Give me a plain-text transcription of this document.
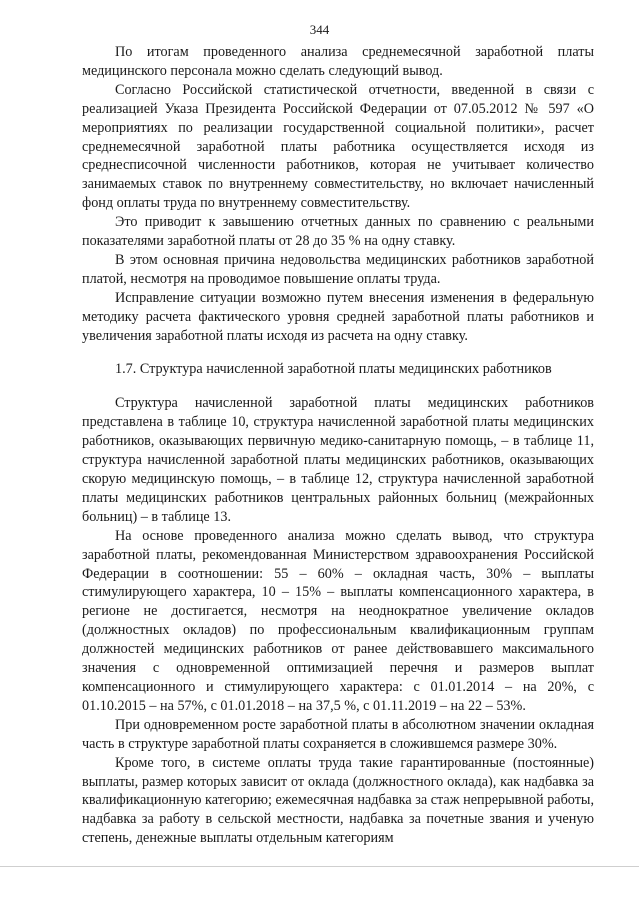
344

По итогам проведенного анализа среднемесячной заработной платы медицинского персонала можно сделать следующий вывод.

Согласно Российской статистической отчетности, введенной в связи с реализацией Указа Президента Российской Федерации от 07.05.2012 № 597 «О мероприятиях по реализации государственной социальной политики», расчет среднемесячной заработной платы работника осуществляется исходя из среднесписочной численности работников, которая не учитывает количество занимаемых ставок по внутреннему совместительству, но включает начисленный фонд оплаты труда по внутреннему совместительству.

Это приводит к завышению отчетных данных по сравнению с реальными показателями заработной платы от 28 до 35 % на одну ставку.

В этом основная причина недовольства медицинских работников заработной платой, несмотря на проводимое повышение оплаты труда.

Исправление ситуации возможно путем внесения изменения в федеральную методику расчета фактического уровня средней заработной платы работников и увеличения заработной платы исходя из расчета на одну ставку.

1.7. Структура начисленной заработной платы медицинских работников

Структура начисленной заработной платы медицинских работников представлена в таблице 10, структура начисленной заработной платы медицинских работников, оказывающих первичную медико-санитарную помощь, – в таблице 11, структура начисленной заработной платы медицинских работников, оказывающих скорую медицинскую помощь, – в таблице 12, структура начисленной заработной платы медицинских работников центральных районных больниц (межрайонных больниц) – в таблице 13.

На основе проведенного анализа можно сделать вывод, что структура заработной платы, рекомендованная Министерством здравоохранения Российской Федерации в соотношении: 55 – 60% – окладная часть, 30% – выплаты стимулирующего характера, 10 – 15% – выплаты компенсационного характера, в регионе не достигается, несмотря на неоднократное увеличение окладов (должностных окладов) по профессиональным квалификационным группам должностей медицинских работников от ранее действовавшего максимального значения с одновременной оптимизацией перечня и размеров выплат компенсационного и стимулирующего характера: с 01.01.2014 – на 20%, с 01.10.2015 – на 57%, с 01.01.2018 – на 37,5 %, с 01.11.2019 – на 22 – 53%.

При одновременном росте заработной платы в абсолютном значении окладная часть в структуре заработной платы сохраняется в сложившемся размере 30%.

Кроме того, в системе оплаты труда такие гарантированные (постоянные) выплаты, размер которых зависит от оклада (должностного оклада), как надбавка за квалификационную категорию; ежемесячная надбавка за стаж непрерывной работы, надбавка за работу в сельской местности, надбавка за почетные звания и ученую степень, денежные выплаты отдельным категориям
